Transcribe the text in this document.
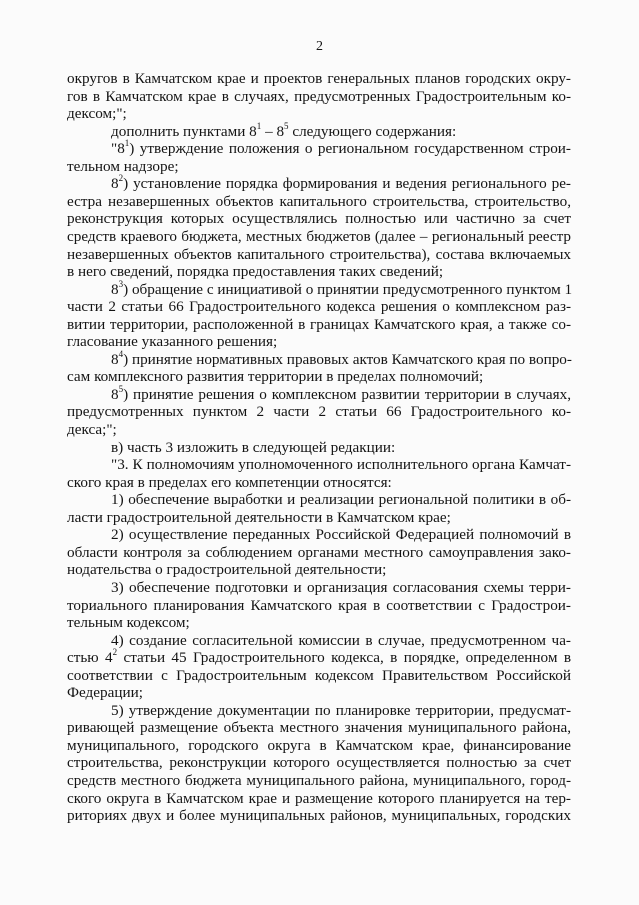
2
округов в Камчатском крае и проектов генеральных планов городских окру-
гов в Камчатском крае в случаях, предусмотренных Градостроительным ко-
дексом;";
дополнить пунктами $8^1 - 8^5$ следующего содержания:
"$8^1$) утверждение положения о региональном государственном строи-
тельном надзоре;
$8^2$) установление порядка формирования и ведения регионального ре-
естра незавершенных объектов капитального строительства, строительство,
реконструкция которых осуществлялись полностью или частично за счет
средств краевого бюджета, местных бюджетов (далее – региональный реестр
незавершенных объектов капитального строительства), состава включаемых
в него сведений, порядка предоставления таких сведений;
$8^3$) обращение с инициативой о принятии предусмотренного пунктом 1
части 2 статьи 66 Градостроительного кодекса решения о комплексном раз-
витии территории, расположенной в границах Камчатского края, а также со-
гласование указанного решения;
$8^4$) принятие нормативных правовых актов Камчатского края по вопро-
сам комплексного развития территории в пределах полномочий;
$8^5$) принятие решения о комплексном развитии территории в случаях,
предусмотренных пунктом 2 части 2 статьи 66 Градостроительного ко-
декса;";
в) часть 3 изложить в следующей редакции:
"3. К полномочиям уполномоченного исполнительного органа Камчат-
ского края в пределах его компетенции относятся:
1) обеспечение выработки и реализации региональной политики в об-
ласти градостроительной деятельности в Камчатском крае;
2) осуществление переданных Российской Федерацией полномочий в
области контроля за соблюдением органами местного самоуправления зако-
нодательства о градостроительной деятельности;
3) обеспечение подготовки и организация согласования схемы терри-
ториального планирования Камчатского края в соответствии с Градострои-
тельным кодексом;
4) создание согласительной комиссии в случае, предусмотренном ча-
стью $4^2$ статьи 45 Градостроительного кодекса, в порядке, определенном в
соответствии с Градостроительным кодексом Правительством Российской
Федерации;
5) утверждение документации по планировке территории, предусмат-
ривающей размещение объекта местного значения муниципального района,
муниципального, городского округа в Камчатском крае, финансирование
строительства, реконструкции которого осуществляется полностью за счет
средств местного бюджета муниципального района, муниципального, город-
ского округа в Камчатском крае и размещение которого планируется на тер-
риториях двух и более муниципальных районов, муниципальных, городских
